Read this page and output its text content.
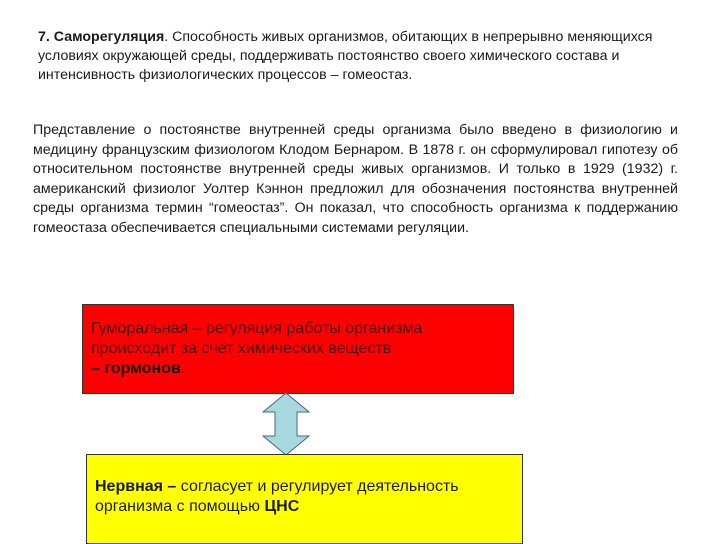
7. Саморегуляция. Способность живых организмов, обитающих в непрерывно меняющихся условиях окружающей среды, поддерживать постоянство своего химического состава и интенсивность физиологических процессов – гомеостаз.
Представление о постоянстве внутренней среды организма было введено в физиологию и медицину французским физиологом Клодом Бернаром. В 1878 г. он сформулировал гипотезу об относительном постоянстве внутренней среды живых организмов. И только в 1929 (1932) г. американский физиолог Уолтер Кэннон предложил для обозначения постоянства внутренней среды организма термин “гомеостаз”. Он показал, что способность организма к поддержанию гомеостаза обеспечивается специальными системами регуляции.
Гуморальная – регуляция работы организма происходит за счет химических веществ
– гормонов.
Нервная – согласует и регулирует деятельность организма с помощью ЦНС
